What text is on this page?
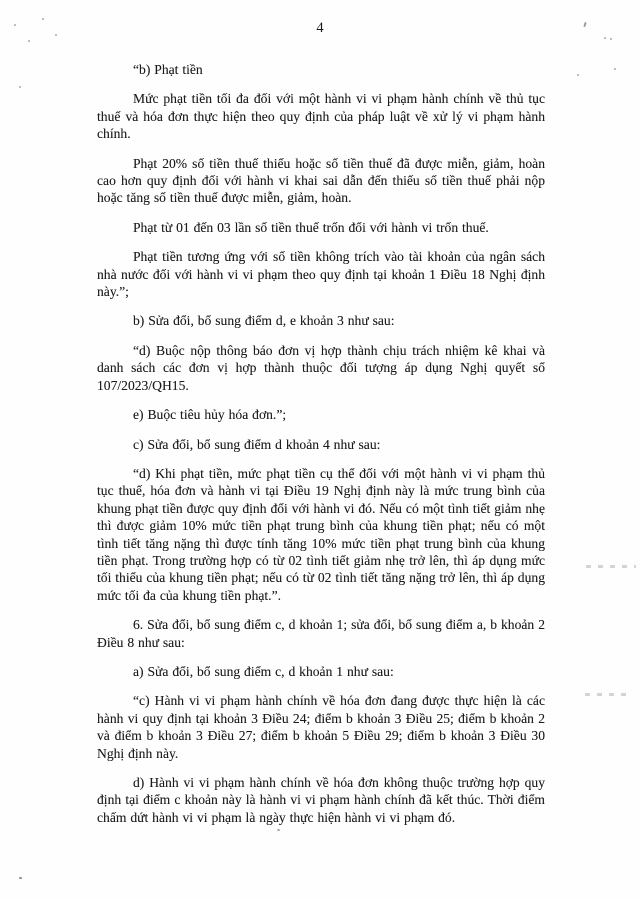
4

“b) Phạt tiền

Mức phạt tiền tối đa đối với một hành vi vi phạm hành chính về thủ tục thuế và hóa đơn thực hiện theo quy định của pháp luật về xử lý vi phạm hành chính.

Phạt 20% số tiền thuế thiếu hoặc số tiền thuế đã được miễn, giảm, hoàn cao hơn quy định đối với hành vi khai sai dẫn đến thiếu số tiền thuế phải nộp hoặc tăng số tiền thuế được miễn, giảm, hoàn.

Phạt từ 01 đến 03 lần số tiền thuế trốn đối với hành vi trốn thuế.

Phạt tiền tương ứng với số tiền không trích vào tài khoản của ngân sách nhà nước đối với hành vi vi phạm theo quy định tại khoản 1 Điều 18 Nghị định này.”;

b) Sửa đổi, bổ sung điểm d, e khoản 3 như sau:

“d) Buộc nộp thông báo đơn vị hợp thành chịu trách nhiệm kê khai và danh sách các đơn vị hợp thành thuộc đối tượng áp dụng Nghị quyết số 107/2023/QH15.

e) Buộc tiêu hủy hóa đơn.”;

c) Sửa đổi, bổ sung điểm d khoản 4 như sau:

“d) Khi phạt tiền, mức phạt tiền cụ thể đối với một hành vi vi phạm thủ tục thuế, hóa đơn và hành vi tại Điều 19 Nghị định này là mức trung bình của khung phạt tiền được quy định đối với hành vi đó. Nếu có một tình tiết giảm nhẹ thì được giảm 10% mức tiền phạt trung bình của khung tiền phạt; nếu có một tình tiết tăng nặng thì được tính tăng 10% mức tiền phạt trung bình của khung tiền phạt. Trong trường hợp có từ 02 tình tiết giảm nhẹ trở lên, thì áp dụng mức tối thiểu của khung tiền phạt; nếu có từ 02 tình tiết tăng nặng trở lên, thì áp dụng mức tối đa của khung tiền phạt.”.

6. Sửa đổi, bổ sung điểm c, d khoản 1; sửa đổi, bổ sung điểm a, b khoản 2 Điều 8 như sau:

a) Sửa đổi, bổ sung điểm c, d khoản 1 như sau:

“c) Hành vi vi phạm hành chính về hóa đơn đang được thực hiện là các hành vi quy định tại khoản 3 Điều 24; điểm b khoản 3 Điều 25; điểm b khoản 2 và điểm b khoản 3 Điều 27; điểm b khoản 5 Điều 29; điểm b khoản 3 Điều 30 Nghị định này.

d) Hành vi vi phạm hành chính về hóa đơn không thuộc trường hợp quy định tại điểm c khoản này là hành vi vi phạm hành chính đã kết thúc. Thời điểm chấm dứt hành vi vi phạm là ngày thực hiện hành vi vi phạm đó.
